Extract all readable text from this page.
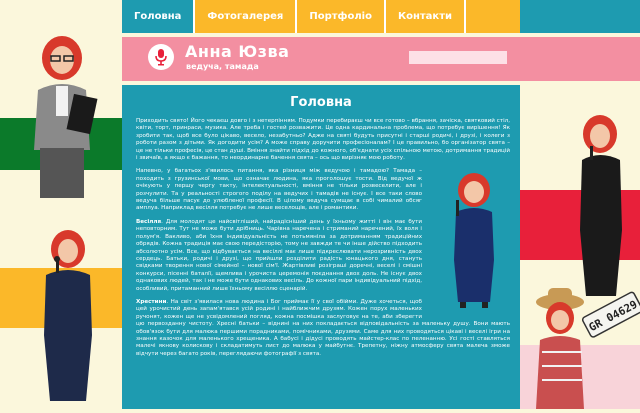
GR 04629
Головна	Фотогалерея	Портфоліо	Контакти
Анна Юзва
ведуча, тамада
Головна

Приходить свято! Його чекаєш довго і з нетерпінням. Подумки перебираєш чи все готово – вбрання, зачіска, святковий стіл, квіти, торт, принраси, музика. Але треба і гостей розважити. Це одна кардинальна проблема, що потребує вирішення! Як зробити так, щоб все було цікаво, весело, незабутньо? Адже на святі будуть присутні і старші родичі, і друзі, і колеги з роботи разом з дітьми. Як догодити усім? А може справу доручити професіоналам? І це правильно, бо організатор свята – це не тільки професія, це стан душі. Вміння знайти підхід до кожного, об'єднати усіх спільною метою, дотримання традицій і звичаїв, а якщо є бажання, то неординарне бачення свята – ось що вирізняє мою роботу.

Напевно, у багатьох з'явилось питання, яка різниця між ведучою і тамадою? Тамада – походить з грузинської мови, що означає людина, яка проголошує тости. Від ведучої ж очікують у першу чергу такту, інтелектуальності, вміння не тільки розвеселити, але і розчулити. Та у реальності строгого поділу на ведучих і тамадів не існує. І все таки слово ведуча більше пасує до улюбленої професії. В цілому ведуча сумщає в собі чималий обсяг амплуа. Наприклад весілля потребує не лише веселощів, але і романтики.

Весілля. Для молодят це найсвітліший, найрадісніший день у їхньому житті і він має бути неповторним. Тут не може бути дрібниць. Чарівна наречена і стриманий наречений, їх воля і полум'я. Вакливо, аби їхня індивідуальність не потьмяніла за дотриманням традиційних обрядів. Кожна традиція має свою передісторію, тому не завжди те чи інше дійство підходить абсолютно усім. Все, що відбувається на весіллі має лише підкреслювати нерозривність двох сердець. Батьки, родичі і друзі, що прийшли розділити радість юнацького дня, стануть свідками творення нової сімейної – нової сім'ї. Жартівливі розіграші доречні, веселі і смішні конкурси, пісенні баталії, щемлива і урочиста церемонія поєднання двох доль. Не існує двох однакових людей, так і не може бути однакових весіль. До кожної пари індивідуальний підхід, особливий, притаманний лише їхньому весіллю сценарій.

Хрестини. На світ з'явилася нова людина і Бог приймає її у свої обійми. Дуже хочеться, щоб цей урочистий день запам'ятався усій родині і найближчим друзям. Кожен порух маленьких ручонят, кожен ще не усвідомлений погляд, кожна посмішка заслуговує на те, аби зберегти цю первозданну чистоту. Хресні батьки – віднині на них покладається відповідальність за маленьку душу. Вони мають обов'язок бути для малюка першими порадниками, помічниками, друзями. Саме для них проводяться цікаві і веселі ігри на знання казочок для маленького хрещеника. А бабусі і дідусі проводять майстер-клас по пеленанню. Усі гості ставляться малечі якнову колискову і складатимуть лист до малюка у майбутнє. Трепетну, ніжну атмосферу свята малеча зможе відчути через багато років, переглядаючи фотографії з свята.
